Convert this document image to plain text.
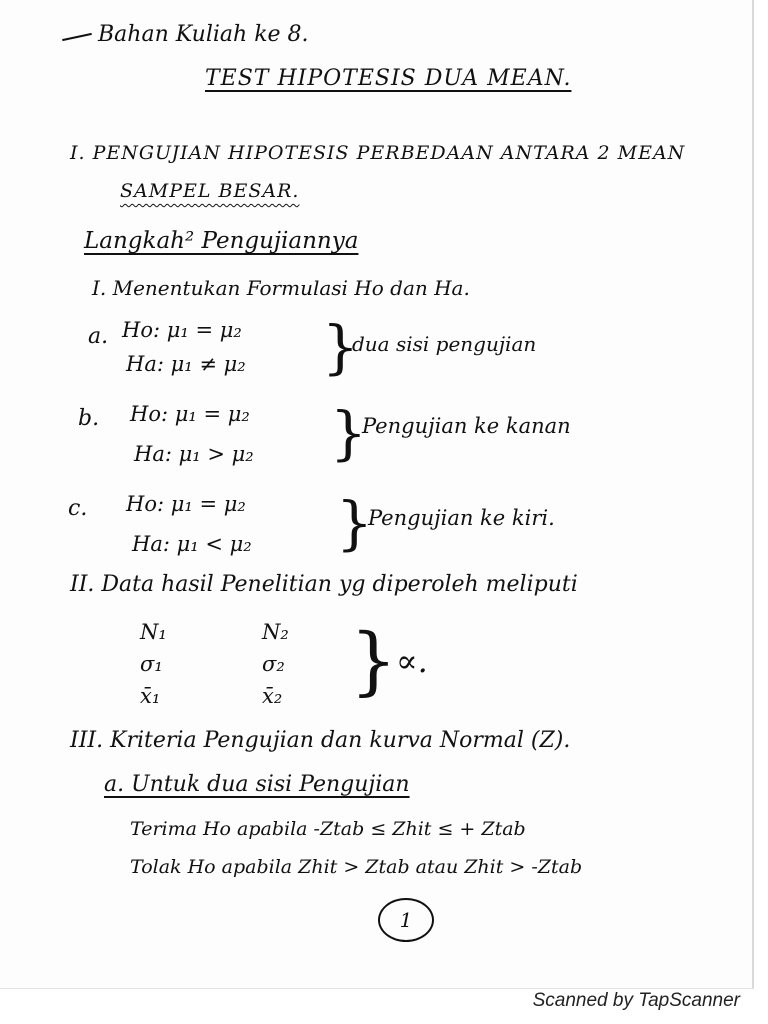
Bahan Kuliah ke 8.
TEST HIPOTESIS DUA MEAN.
I. PENGUJIAN HIPOTESIS PERBEDAAN ANTARA 2 MEAN
SAMPEL BESAR.
Langkah² Pengujiannya
I. Menentukan Formulasi Ho dan Ha.
a. Ho: μ₁ = μ₂
Ha: μ₁ ≠ μ₂ }
dua sisi pengujian
b. Ho: μ₁ = μ₂
Ha: μ₁ > μ₂ }
Pengujian ke kanan
c. Ho: μ₁ = μ₂
Ha: μ₁ < μ₂ }
Pengujian ke kiri.
II. Data hasil Penelitian yg diperoleh meliputi
N₁
σ₁
x̄₁
N₂
σ₂
x̄₂ }
∝.
III. Kriteria Pengujian dan kurva Normal (Z).
a. Untuk dua sisi Pengujian
Terima Ho apabila -Ztab ≤ Zhit ≤ + Ztab
Tolak Ho apabila Zhit > Ztab atau Zhit > -Ztab
1
Scanned by TapScanner
